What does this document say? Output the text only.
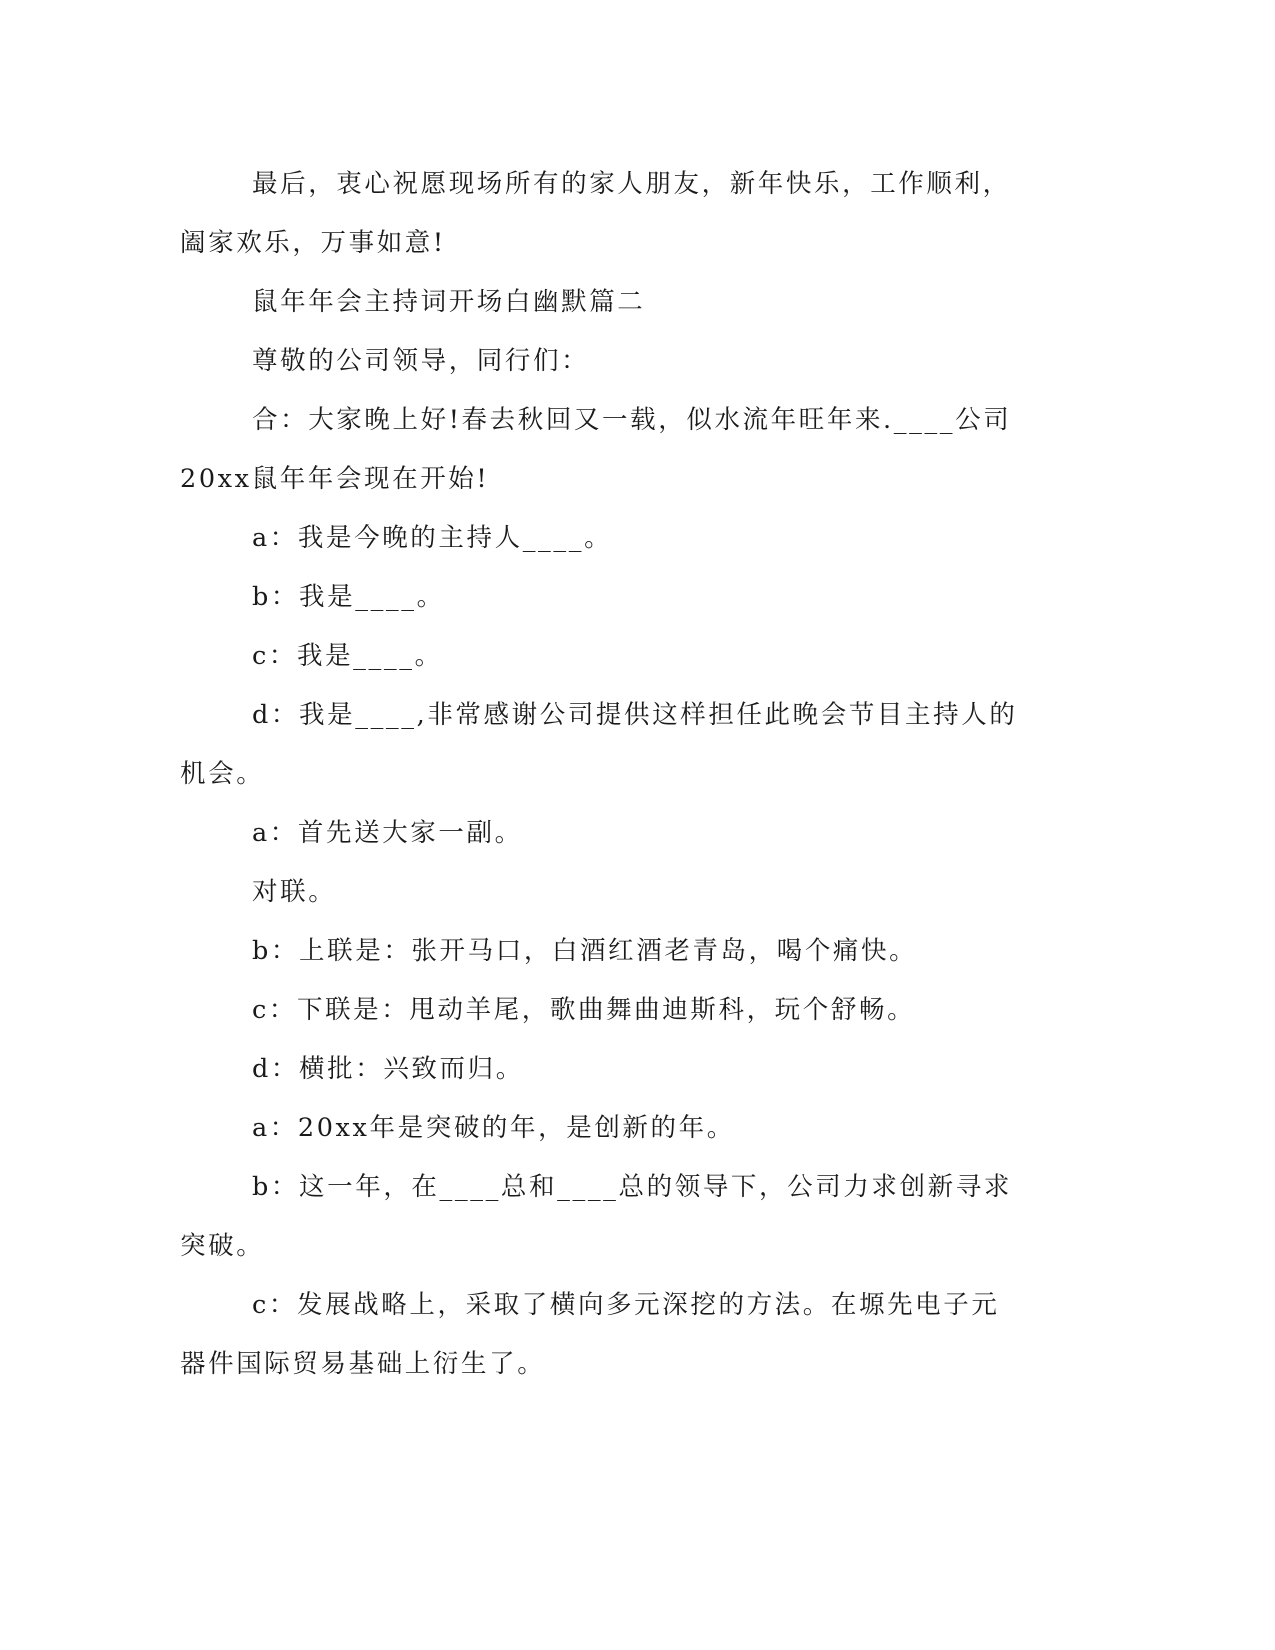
最后，衷心祝愿现场所有的家人朋友，新年快乐，工作顺利，阖家欢乐，万事如意!

鼠年年会主持词开场白幽默篇二

尊敬的公司领导，同行们：

合：大家晚上好!春去秋回又一载，似水流年旺年来.____公司20xx鼠年年会现在开始!

a：我是今晚的主持人____。

b：我是____。

c：我是____。

d：我是____,非常感谢公司提供这样担任此晚会节目主持人的机会。

a：首先送大家一副。

对联。

b：上联是：张开马口，白酒红酒老青岛，喝个痛快。

c：下联是：甩动羊尾，歌曲舞曲迪斯科，玩个舒畅。

d：横批：兴致而归。

a：20xx年是突破的年，是创新的年。

b：这一年，在____总和____总的领导下，公司力求创新寻求突破。

c：发展战略上，采取了横向多元深挖的方法。在塬先电子元器件国际贸易基础上衍生了。
